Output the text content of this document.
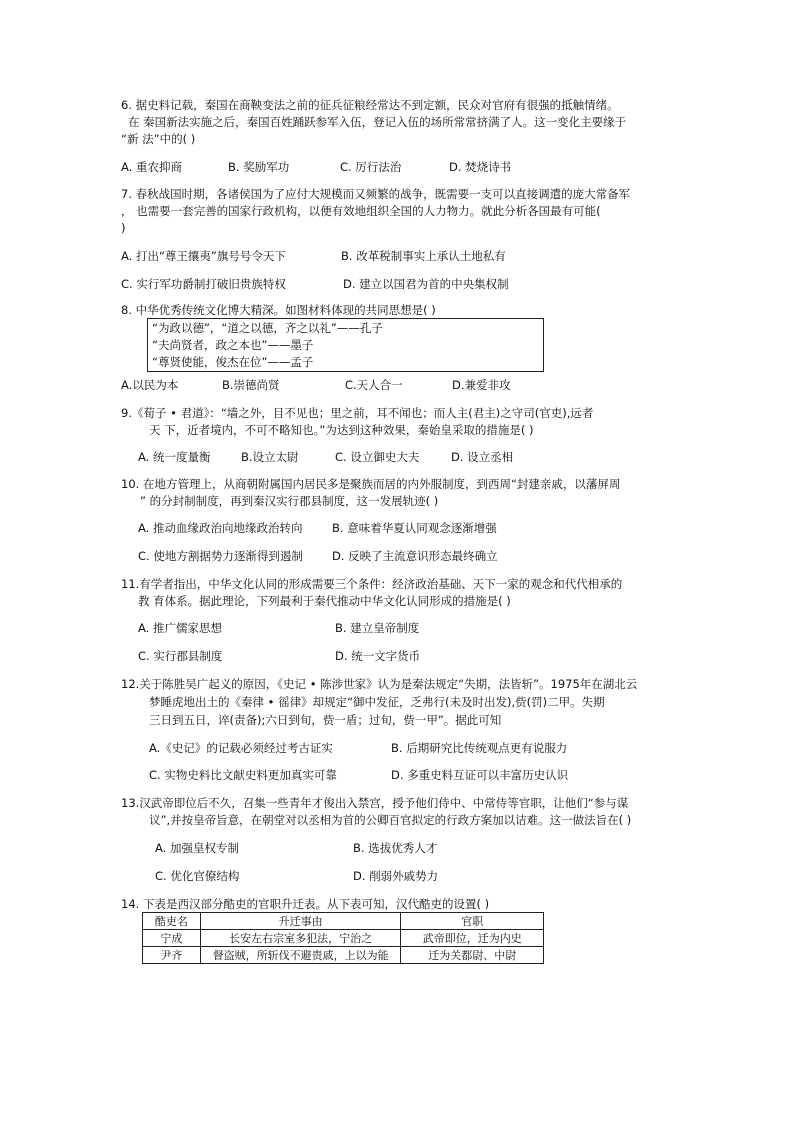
6. 据史料记载，秦国在商鞅变法之前的征兵征粮经常达不到定额，民众对官府有很强的抵触情绪。
在 秦国新法实施之后，秦国百姓踊跃参军入伍，登记入伍的场所常常挤满了人。这一变化主要缘于
“新 法”中的( )
A. 重农抑商	B. 奖励军功	C. 厉行法治	D. 焚烧诗书
7. 春秋战国时期，各诸侯国为了应付大规模而又频繁的战争，既需要一支可以直接调遣的庞大常备军
， 也需要一套完善的国家行政机构，以便有效地组织全国的人力物力。就此分析各国最有可能(
)
A. 打出“尊王攘夷”旗号号令天下	B. 改革税制事实上承认土地私有
C. 实行军功爵制打破旧贵族特权	D. 建立以国君为首的中央集权制
8. 中华优秀传统文化博大精深。如图材料体现的共同思想是( )
“为政以德”，“道之以德，齐之以礼”——孔子
“夫尚贤者，政之本也”——墨子
“尊贤使能，俊杰在位”——孟子
A.以民为本	B.崇德尚贤	C.天人合一	D.兼爱非攻
9.《荀子 • 君道》：“墙之外，目不见也；里之前，耳不闻也；而人主(君主)之守司(官吏),远者
天 下，近者境内，不可不略知也。”为达到这种效果，秦始皇采取的措施是( )
A. 统一度量衡	B.设立太尉	C. 设立御史大夫	D. 设立丞相
10. 在地方管理上，从商朝附属国内居民多是聚族而居的内外服制度，到西周“封建亲戚，以藩屏周
” 的分封制制度，再到秦汉实行郡县制度，这一发展轨迹( )
A. 推动血缘政治向地缘政治转向	B. 意味着华夏认同观念逐渐增强
C. 使地方割据势力逐渐得到遏制	D. 反映了主流意识形态最终确立
11.有学者指出，中华文化认同的形成需要三个条件：经济政治基础、天下一家的观念和代代相承的
教 育体系。据此理论，下列最利于秦代推动中华文化认同形成的措施是( )
A. 推广儒家思想	B. 建立皇帝制度
C. 实行郡县制度	D. 统一文字货币
12.关于陈胜吴广起义的原因，《史记 • 陈涉世家》认为是秦法规定“失期，法皆斩”。1975年在湖北云
梦睡虎地出土的《秦律 • 徭律》却规定“御中发征，乏弗行(未及时出发),赀(罚)二甲。失期
三日到五日，谇(责备);六日到旬，赀一盾；过旬，赀一甲”。据此可知
A.《史记》的记载必须经过考古证实	B. 后期研究比传统观点更有说服力
C. 实物史料比文献史料更加真实可靠	D. 多重史料互证可以丰富历史认识
13.汉武帝即位后不久，召集一些青年才俊出入禁宫，授予他们侍中、中常侍等官职，让他们“参与谋
议”,并按皇帝旨意，在朝堂对以丞相为首的公卿百官拟定的行政方案加以诘难。这一做法旨在( )
A. 加强皇权专制	B. 选拔优秀人才
C. 优化官僚结构	D. 削弱外戚势力
14. 下表是西汉部分酷吏的官职升迁表。从下表可知，汉代酷吏的设置( )
酷吏名	升迁事由	官职
宁成	长安左右宗室多犯法，宁治之	武帝即位，迁为内史
尹齐	督盗贼，所斩伐不避贵戚，上以为能	迁为关都尉、中尉
